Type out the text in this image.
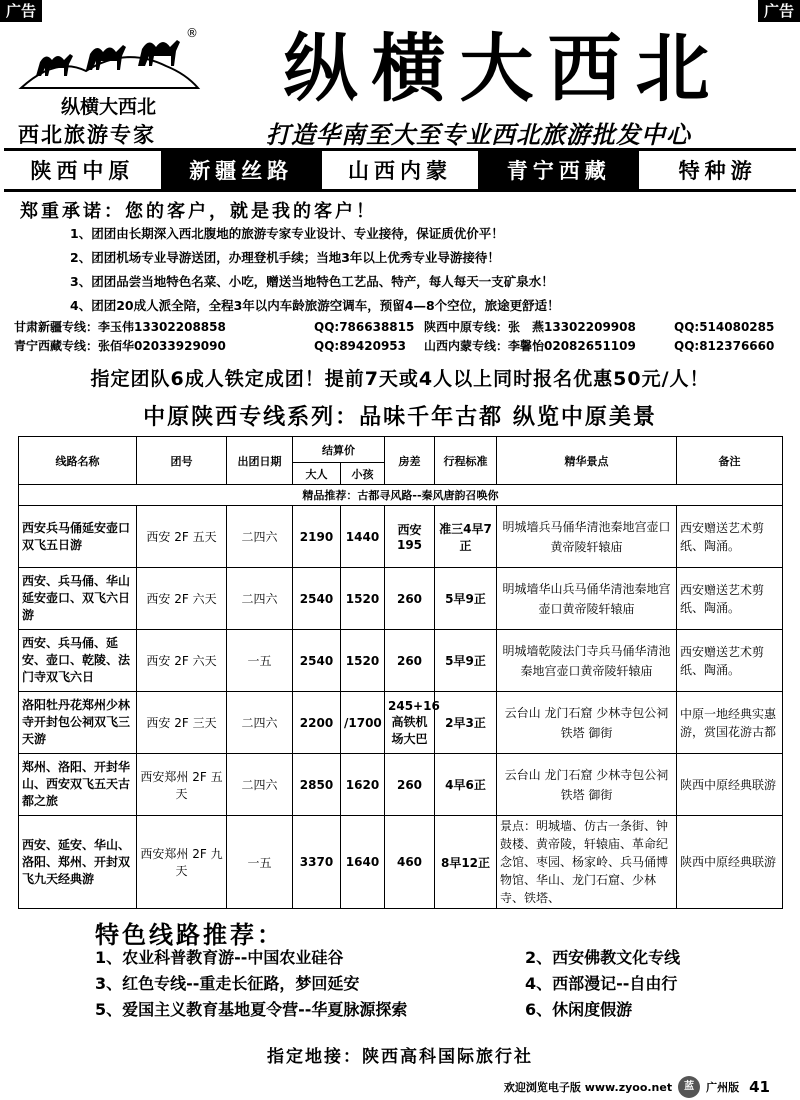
广告	广告
纵横大西北
®	纵横大西北
西北旅游专家	打造华南至大至专业西北旅游批发中心
陕西中原	新疆丝路	山西内蒙	青宁西藏	特种游
郑重承诺：您的客户，就是我的客户！
1、团团由长期深入西北腹地的旅游专家专业设计、专业接待，保证质优价平！
2、团团机场专业导游送团，办理登机手续；当地3年以上优秀专业导游接待！
3、团团品尝当地特色名菜、小吃，赠送当地特色工艺品、特产，每人每天一支矿泉水！
4、团团20成人派全陪，全程3年以内车龄旅游空调车，预留4—8个空位，旅途更舒适！
甘肃新疆专线：李玉伟13302208858	QQ:786638815 陕西中原专线：张　燕13302209908	QQ:514080285
青宁西藏专线：张佰华02033929090	QQ:89420953	山西内蒙专线：李馨怡02082651109	QQ:812376660
指定团队6成人铁定成团！提前7天或4人以上同时报名优惠50元/人！
中原陕西专线系列：品味千年古都 纵览中原美景
线路名称	团号	出团日期	结算价		房差	行程标准	精华景点	备注
			大人	小孩				
精品推荐：古都寻风路--秦风唐韵召唤你								
西安兵马俑延安壶口双飞五日游	西安 2F 五天	二四六	2190	1440	西安195	准三4早7正	明城墙兵马俑华清池秦地宫壶口黄帝陵轩辕庙	西安赠送艺术剪纸、陶涌。
西安、兵马俑、华山延安壶口、双飞六日游	西安 2F 六天	二四六	2540	1520	260	5早9正	明城墙华山兵马俑华清池秦地宫壶口黄帝陵轩辕庙	西安赠送艺术剪纸、陶涌。
西安、兵马俑、延安、壶口、乾陵、法门寺双飞六日	西安 2F 六天	一五	2540	1520	260	5早9正	明城墙乾陵法门寺兵马俑华清池秦地宫壶口黄帝陵轩辕庙	西安赠送艺术剪纸、陶涌。
洛阳牡丹花郑州少林寺开封包公祠双飞三天游	西安 2F 三天	二四六	2200	/1700	245+16高铁机场大巴	2早3正	云台山 龙门石窟 少林寺包公祠铁塔 御街	中原一地经典实惠游，赏国花游古都
郑州、洛阳、开封华山、西安双飞五天古都之旅	西安郑州 2F 五天	二四六	2850	1620	260	4早6正	云台山 龙门石窟 少林寺包公祠铁塔 御街	陕西中原经典联游
西安、延安、华山、洛阳、郑州、开封双飞九天经典游	西安郑州 2F 九天	一五	3370	1640	460	8早12正	景点：明城墙、仿古一条街、钟鼓楼、黄帝陵，轩辕庙、革命纪念馆、枣园、杨家岭、兵马俑博物馆、华山、龙门石窟、少林寺、铁塔、	陕西中原经典联游
特色线路推荐：
1、农业科普教育游--中国农业硅谷	2、西安佛教文化专线
3、红色专线--重走长征路，梦回延安	4、西部漫记--自由行
5、爱国主义教育基地夏令营--华夏脉源探索	6、休闲度假游
指定地接：陕西高科国际旅行社
欢迎浏览电子版 www.zyoo.net	蓝	广州版 41
